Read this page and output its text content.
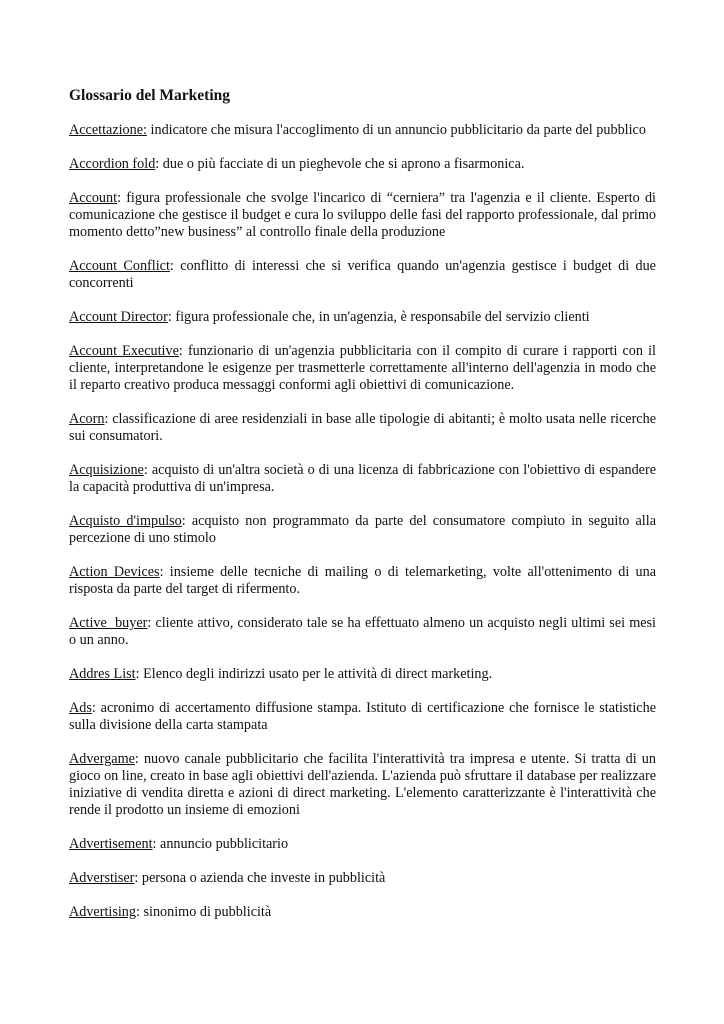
Glossario del Marketing

Accettazione: indicatore che misura l'accoglimento di un annuncio pubblicitario da parte del pubblico

Accordion fold: due o più facciate di un pieghevole che si aprono a fisarmonica.

Account: figura professionale che svolge l'incarico di “cerniera” tra l'agenzia e il cliente. Esperto di comunicazione che gestisce il budget e cura lo sviluppo delle fasi del rapporto professionale, dal primo momento detto”new business” al controllo finale della produzione

Account Conflict: conflitto di interessi che si verifica quando un'agenzia gestisce i budget di due concorrenti

Account Director: figura professionale che, in un'agenzia, è responsabile del servizio clienti

Account Executive: funzionario di un'agenzia pubblicitaria con il compito di curare i rapporti con il cliente, interpretandone le esigenze per trasmetterle correttamente all'interno dell'agenzia in modo che il reparto creativo produca messaggi conformi agli obiettivi di comunicazione.

Acorn: classificazione di aree residenziali in base alle tipologie di abitanti; è molto usata nelle ricerche sui consumatori.

Acquisizione: acquisto di un'altra società o di una licenza di fabbricazione con l'obiettivo di espandere la capacità produttiva di un'impresa.

Acquisto d'impulso: acquisto non programmato da parte del consumatore compiuto in seguito alla percezione di uno stimolo

Action Devices: insieme delle tecniche di mailing o di telemarketing, volte all'ottenimento di una risposta da parte del target di rifermento.

Active  buyer: cliente attivo, considerato tale se ha effettuato almeno un acquisto negli ultimi sei mesi o un anno.

Addres List: Elenco degli indirizzi usato per le attività di direct marketing.

Ads: acronimo di accertamento diffusione stampa. Istituto di certificazione che fornisce le statistiche sulla divisione della carta stampata

Advergame: nuovo canale pubblicitario che facilita l'interattività tra impresa e utente. Si tratta di un gioco on line, creato in base agli obiettivi dell'azienda. L'azienda può sfruttare il database per realizzare iniziative di vendita diretta e azioni di direct marketing. L'elemento caratterizzante è l'interattività che rende il prodotto un insieme di emozioni

Advertisement: annuncio pubblicitario

Adverstiser: persona o azienda che investe in pubblicità

Advertising: sinonimo di pubblicità
